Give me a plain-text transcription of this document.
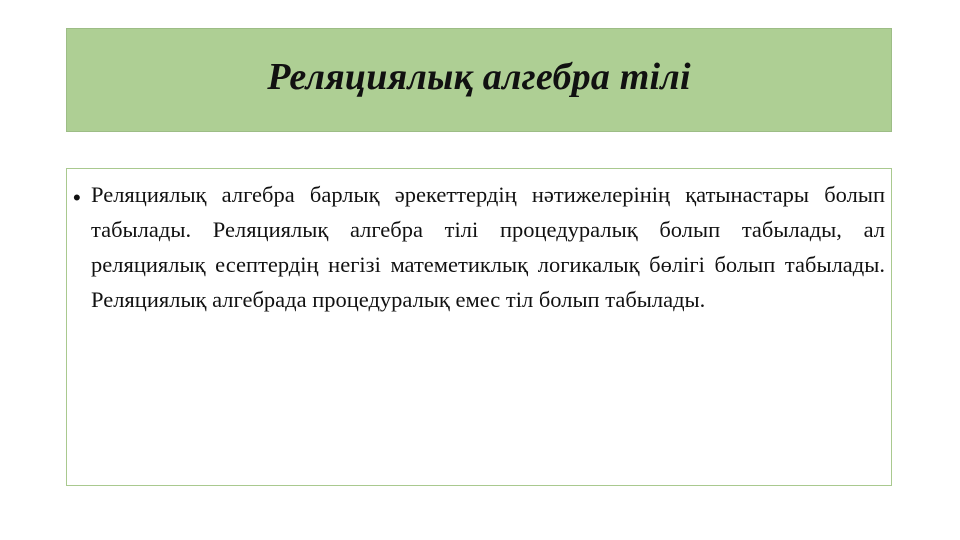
Реляциялық алгебра тілі
• Реляциялық алгебра барлық әрекеттердің нәтижелерінің қатынастары болып табылады. Реляциялық алгебра тілі процедуралық болып табылады, ал реляциялық есептердің негізі матеметиклық логикалық бөлігі болып табылады. Реляциялық алгебрада процедуралық емес тіл болып табылады.
